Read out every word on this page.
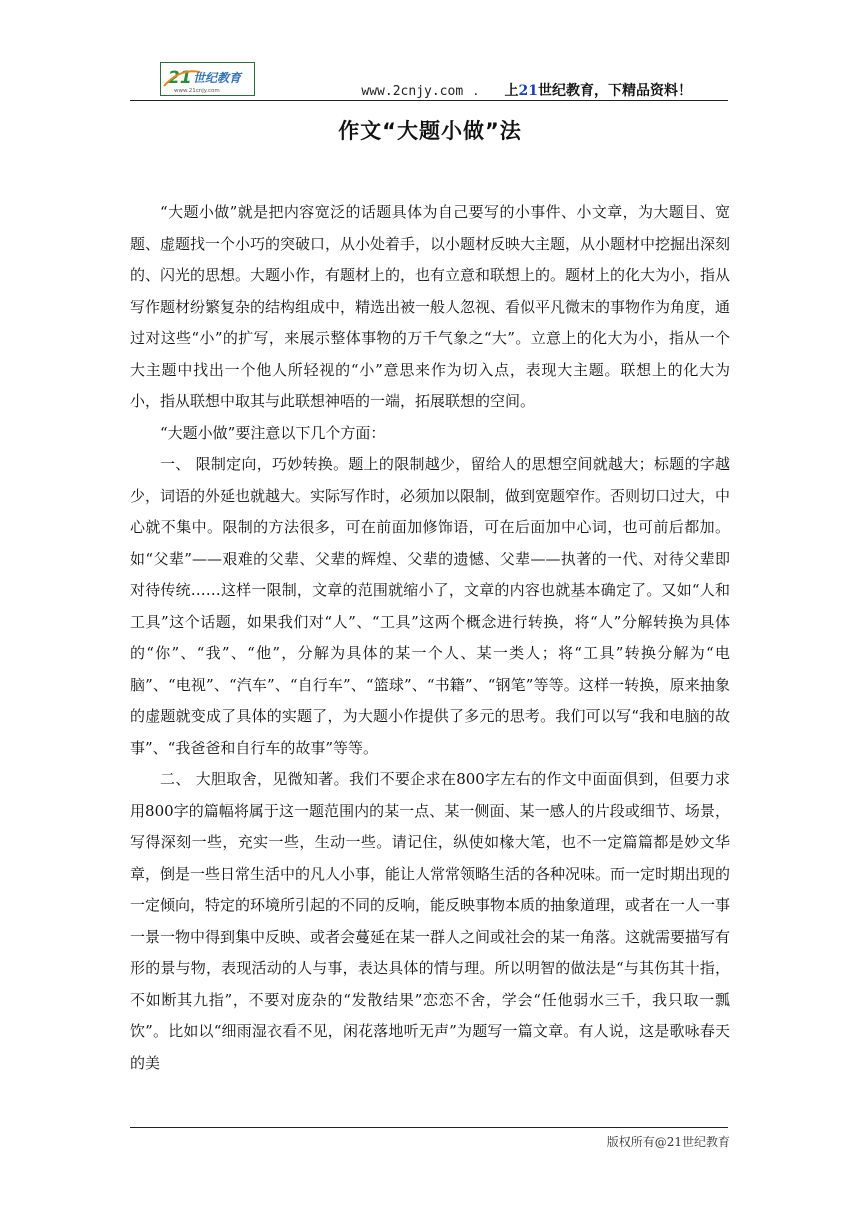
21 世纪教育
www.21cnjy.com	www.2cnjy.com . 上21世纪教育，下精品资料！
作文“大题小做”法

“大题小做”就是把内容宽泛的话题具体为自己要写的小事件、小文章，为大题目、宽题、虚题找一个小巧的突破口，从小处着手，以小题材反映大主题，从小题材中挖掘出深刻的、闪光的思想。大题小作，有题材上的，也有立意和联想上的。题材上的化大为小，指从写作题材纷繁复杂的结构组成中，精选出被一般人忽视、看似平凡微末的事物作为角度，通过对这些“小”的扩写，来展示整体事物的万千气象之“大”。立意上的化大为小，指从一个大主题中找出一个他人所轻视的“小”意思来作为切入点，表现大主题。联想上的化大为小，指从联想中取其与此联想神唔的一端，拓展联想的空间。

“大题小做”要注意以下几个方面：

一、 限制定向，巧妙转换。题上的限制越少，留给人的思想空间就越大；标题的字越少，词语的外延也就越大。实际写作时，必须加以限制，做到宽题窄作。否则切口过大，中心就不集中。限制的方法很多，可在前面加修饰语，可在后面加中心词，也可前后都加。如“父辈”——艰难的父辈、父辈的辉煌、父辈的遗憾、父辈——执著的一代、对待父辈即对待传统……这样一限制，文章的范围就缩小了，文章的内容也就基本确定了。又如“人和工具”这个话题，如果我们对“人”、“工具”这两个概念进行转换，将“人”分解转换为具体的“你”、“我”、“他”，分解为具体的某一个人、某一类人；将“工具”转换分解为“电脑”、“电视”、“汽车”、“自行车”、“篮球”、“书籍”、“钢笔”等等。这样一转换，原来抽象的虚题就变成了具体的实题了，为大题小作提供了多元的思考。我们可以写“我和电脑的故事”、“我爸爸和自行车的故事”等等。

二、 大胆取舍，见微知著。我们不要企求在800字左右的作文中面面俱到，但要力求用800字的篇幅将属于这一题范围内的某一点、某一侧面、某一感人的片段或细节、场景，写得深刻一些，充实一些，生动一些。请记住，纵使如椽大笔，也不一定篇篇都是妙文华章，倒是一些日常生活中的凡人小事，能让人常常领略生活的各种况味。而一定时期出现的一定倾向，特定的环境所引起的不同的反响，能反映事物本质的抽象道理，或者在一人一事一景一物中得到集中反映、或者会蔓延在某一群人之间或社会的某一角落。这就需要描写有形的景与物，表现活动的人与事，表达具体的情与理。所以明智的做法是“与其伤其十指，不如断其九指”，不要对庞杂的“发散结果”恋恋不舍，学会“任他弱水三千，我只取一瓢饮”。比如以“细雨湿衣看不见，闲花落地听无声”为题写一篇文章。有人说，这是歌咏春天的美

版权所有@21世纪教育
